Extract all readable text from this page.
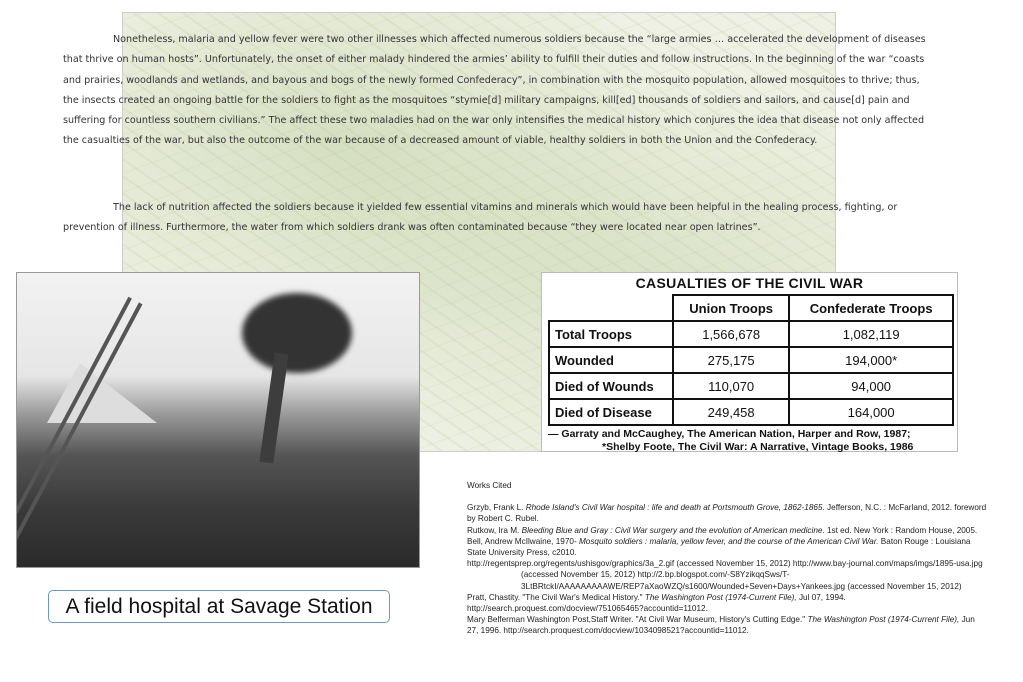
Nonetheless, malaria and yellow fever were two other illnesses which affected numerous soldiers because the “large armies … accelerated the development of diseases that thrive on human hosts”. Unfortunately, the onset of either malady hindered the armies’ ability to fulfill their duties and follow instructions. In the beginning of the war “coasts and prairies, woodlands and wetlands, and bayous and bogs of the newly formed Confederacy”, in combination with the mosquito population, allowed mosquitoes to thrive; thus, the insects created an ongoing battle for the soldiers to fight as the mosquitoes “stymie[d] military campaigns, kill[ed] thousands of soldiers and sailors, and cause[d] pain and suffering for countless southern civilians.” The affect these two maladies had on the war only intensifies the medical history which conjures the idea that disease not only affected the casualties of the war, but also the outcome of the war because of a decreased amount of viable, healthy soldiers in both the Union and the Confederacy.

The lack of nutrition affected the soldiers because it yielded few essential vitamins and minerals which would have been helpful in the healing process, fighting, or prevention of illness. Furthermore, the water from which soldiers drank was often contaminated because “they were located near open latrines”.

A field hospital at Savage Station
CASUALTIES OF THE CIVIL WAR
	Union Troops	Confederate Troops
Total Troops	1,566,678	1,082,119
Wounded	275,175	194,000*
Died of Wounds	110,070	94,000
Died of Disease	249,458	164,000
— Garraty and McCaughey, The American Nation, Harper and Row, 1987;
*Shelby Foote, The Civil War: A Narrative, Vintage Books, 1986
Works Cited
Grzyb, Frank L. Rhode Island's Civil War hospital : life and death at Portsmouth Grove, 1862-1865. Jefferson, N.C. : McFarland, 2012. foreword by Robert C. Rubel.
Rutkow, Ira M. Bleeding Blue and Gray : Civil War surgery and the evolution of American medicine. 1st ed. New York : Random House, 2005.
Bell, Andrew McIlwaine, 1970- Mosquito soldiers : malaria, yellow fever, and the course of the American Civil War. Baton Rouge : Louisiana State University Press, c2010.
http://regentsprep.org/regents/ushisgov/graphics/3a_2.gif (accessed November 15, 2012) http://www.bay-journal.com/maps/imgs/1895-usa.jpg (accessed November 15, 2012) http://2.bp.blogspot.com/-S8YzikqqSws/T-3LtBRtckI/AAAAAAAAAWE/REP7aXaoWZQ/s1600/Wounded+Seven+Days+Yankees.jpg (accessed November 15, 2012)
Pratt, Chastity. "The Civil War's Medical History." The Washington Post (1974-Current File), Jul 07, 1994. http://search.proquest.com/docview/751065465?accountid=11012.
Mary Belferman Washington Post,Staff Writer. "At Civil War Museum, History's Cutting Edge." The Washington Post (1974-Current File), Jun 27, 1996. http://search.proquest.com/docview/1034098521?accountid=11012.
